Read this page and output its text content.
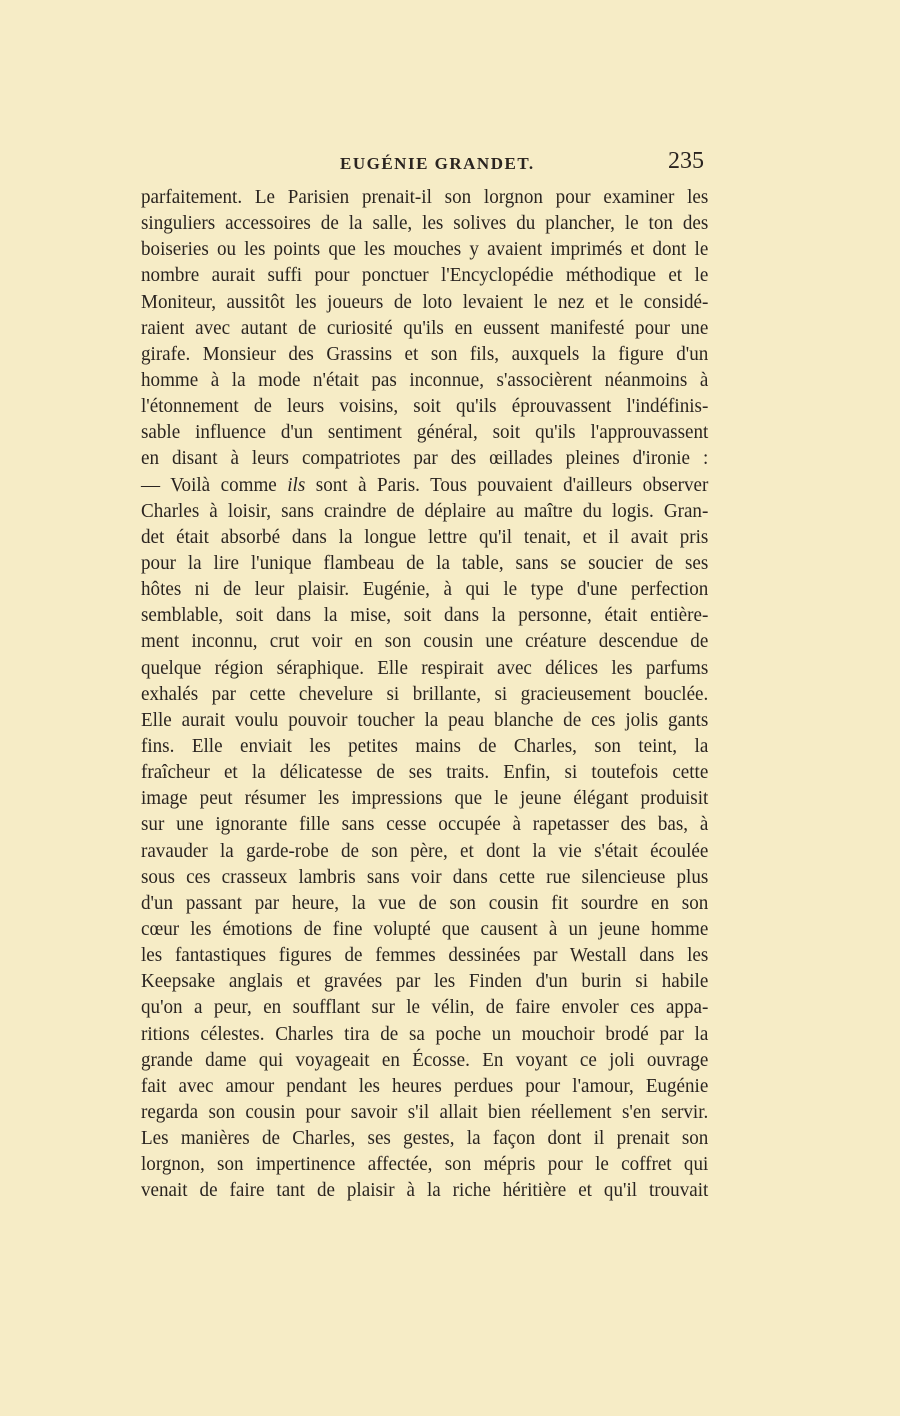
EUGÉNIE GRANDET.	235
parfaitement. Le Parisien prenait-il son lorgnon pour examiner les
singuliers accessoires de la salle, les solives du plancher, le ton des
boiseries ou les points que les mouches y avaient imprimés et dont le
nombre aurait suffi pour ponctuer l'Encyclopédie méthodique et le
Moniteur, aussitôt les joueurs de loto levaient le nez et le considé-
raient avec autant de curiosité qu'ils en eussent manifesté pour une
girafe. Monsieur des Grassins et son fils, auxquels la figure d'un
homme à la mode n'était pas inconnue, s'associèrent néanmoins à
l'étonnement de leurs voisins, soit qu'ils éprouvassent l'indéfinis-
sable influence d'un sentiment général, soit qu'ils l'approuvassent
en disant à leurs compatriotes par des œillades pleines d'ironie :
— Voilà comme ils sont à Paris. Tous pouvaient d'ailleurs observer
Charles à loisir, sans craindre de déplaire au maître du logis. Gran-
det était absorbé dans la longue lettre qu'il tenait, et il avait pris
pour la lire l'unique flambeau de la table, sans se soucier de ses
hôtes ni de leur plaisir. Eugénie, à qui le type d'une perfection
semblable, soit dans la mise, soit dans la personne, était entière-
ment inconnu, crut voir en son cousin une créature descendue de
quelque région séraphique. Elle respirait avec délices les parfums
exhalés par cette chevelure si brillante, si gracieusement bouclée.
Elle aurait voulu pouvoir toucher la peau blanche de ces jolis gants
fins. Elle enviait les petites mains de Charles, son teint, la
fraîcheur et la délicatesse de ses traits. Enfin, si toutefois cette
image peut résumer les impressions que le jeune élégant produisit
sur une ignorante fille sans cesse occupée à rapetasser des bas, à
ravauder la garde-robe de son père, et dont la vie s'était écoulée
sous ces crasseux lambris sans voir dans cette rue silencieuse plus
d'un passant par heure, la vue de son cousin fit sourdre en son
cœur les émotions de fine volupté que causent à un jeune homme
les fantastiques figures de femmes dessinées par Westall dans les
Keepsake anglais et gravées par les Finden d'un burin si habile
qu'on a peur, en soufflant sur le vélin, de faire envoler ces appa-
ritions célestes. Charles tira de sa poche un mouchoir brodé par la
grande dame qui voyageait en Écosse. En voyant ce joli ouvrage
fait avec amour pendant les heures perdues pour l'amour, Eugénie
regarda son cousin pour savoir s'il allait bien réellement s'en servir.
Les manières de Charles, ses gestes, la façon dont il prenait son
lorgnon, son impertinence affectée, son mépris pour le coffret qui
venait de faire tant de plaisir à la riche héritière et qu'il trouvait
